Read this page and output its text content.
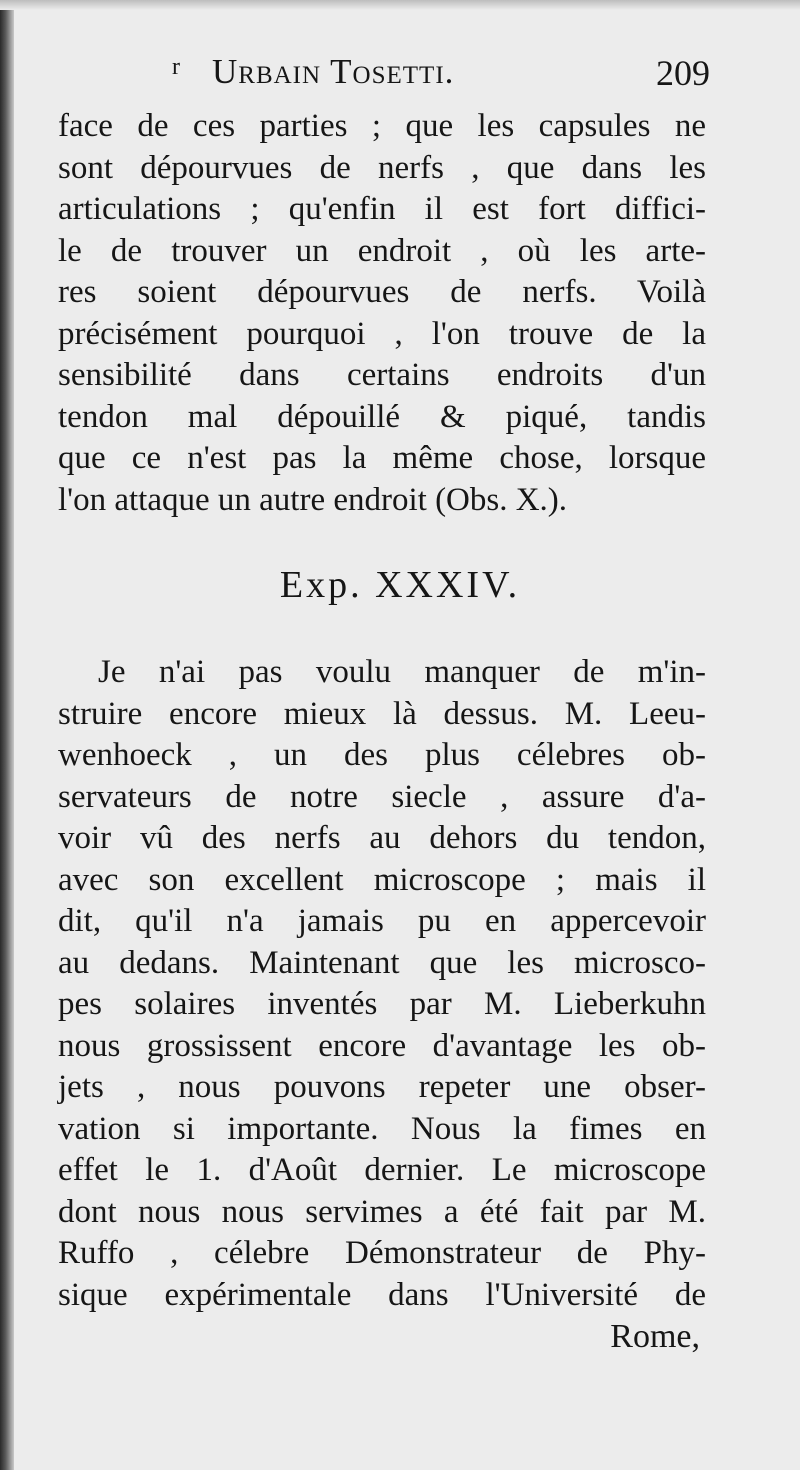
r Urbain Tosetti.	209
face de ces parties ; que les capsules ne
sont dépourvues de nerfs , que dans les
articulations ; qu'enfin il est fort diffici-
le de trouver un endroit , où les arte-
res soient dépourvues de nerfs. Voilà
précisément pourquoi , l'on trouve de la
sensibilité dans certains endroits d'un
tendon mal dépouillé & piqué, tandis
que ce n'est pas la même chose, lorsque
l'on attaque un autre endroit (Obs. X.).
Exp. XXXIV.
Je n'ai pas voulu manquer de m'in-
struire encore mieux là dessus. M. Leeu-
wenhoeck , un des plus célebres ob-
servateurs de notre siecle , assure d'a-
voir vû des nerfs au dehors du tendon,
avec son excellent microscope ; mais il
dit, qu'il n'a jamais pu en appercevoir
au dedans. Maintenant que les microsco-
pes solaires inventés par M. Lieberkuhn
nous grossissent encore d'avantage les ob-
jets , nous pouvons repeter une obser-
vation si importante. Nous la fimes en
effet le 1. d'Août dernier. Le microscope
dont nous nous servimes a été fait par M.
Ruffo , célebre Démonstrateur de Phy-
sique expérimentale dans l'Université de
Rome,
